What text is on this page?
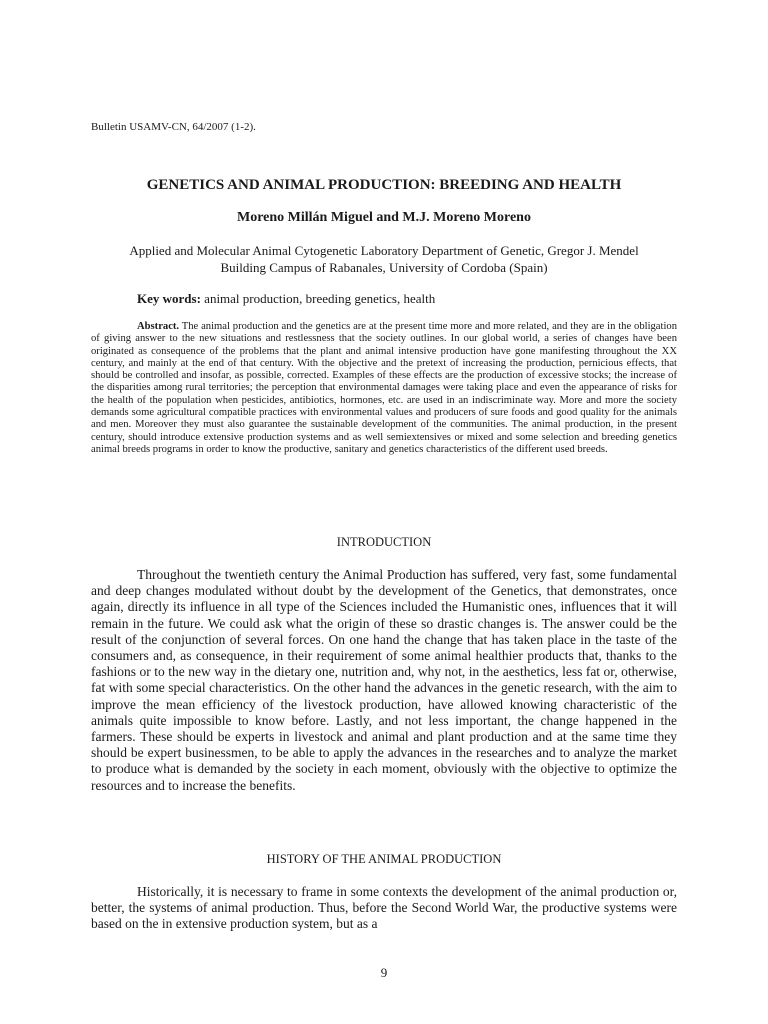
Bulletin USAMV-CN, 64/2007 (1-2).
GENETICS AND ANIMAL PRODUCTION: BREEDING AND HEALTH
Moreno Millán Miguel and M.J. Moreno Moreno
Applied and Molecular Animal Cytogenetic Laboratory Department of Genetic, Gregor J. Mendel
Building Campus of Rabanales, University of Cordoba (Spain)
Key words: animal production, breeding genetics, health

Abstract. The animal production and the genetics are at the present time more and more related, and they are in the obligation of giving answer to the new situations and restlessness that the society outlines. In our global world, a series of changes have been originated as consequence of the problems that the plant and animal intensive production have gone manifesting throughout the XX century, and mainly at the end of that century. With the objective and the pretext of increasing the production, pernicious effects, that should be controlled and insofar, as possible, corrected. Examples of these effects are the production of excessive stocks; the increase of the disparities among rural territories; the perception that environmental damages were taking place and even the appearance of risks for the health of the population when pesticides, antibiotics, hormones, etc. are used in an indiscriminate way. More and more the society demands some agricultural compatible practices with environmental values and producers of sure foods and good quality for the animals and men. Moreover they must also guarantee the sustainable development of the communities. The animal production, in the present century, should introduce extensive production systems and as well semiextensives or mixed and some selection and breeding genetics animal breeds programs in order to know the productive, sanitary and genetics characteristics of the different used breeds.

INTRODUCTION

Throughout the twentieth century the Animal Production has suffered, very fast, some fundamental and deep changes modulated without doubt by the development of the Genetics, that demonstrates, once again, directly its influence in all type of the Sciences included the Humanistic ones, influences that it will remain in the future. We could ask what the origin of these so drastic changes is. The answer could be the result of the conjunction of several forces. On one hand the change that has taken place in the taste of the consumers and, as consequence, in their requirement of some animal healthier products that, thanks to the fashions or to the new way in the dietary one, nutrition and, why not, in the aesthetics, less fat or, otherwise, fat with some special characteristics. On the other hand the advances in the genetic research, with the aim to improve the mean efficiency of the livestock production, have allowed knowing characteristic of the animals quite impossible to know before. Lastly, and not less important, the change happened in the farmers. These should be experts in livestock and animal and plant production and at the same time they should be expert businessmen, to be able to apply the advances in the researches and to analyze the market to produce what is demanded by the society in each moment, obviously with the objective to optimize the resources and to increase the benefits.

HISTORY OF THE ANIMAL PRODUCTION

Historically, it is necessary to frame in some contexts the development of the animal production or, better, the systems of animal production. Thus, before the Second World War, the productive systems were based on the in extensive production system, but as a

9
